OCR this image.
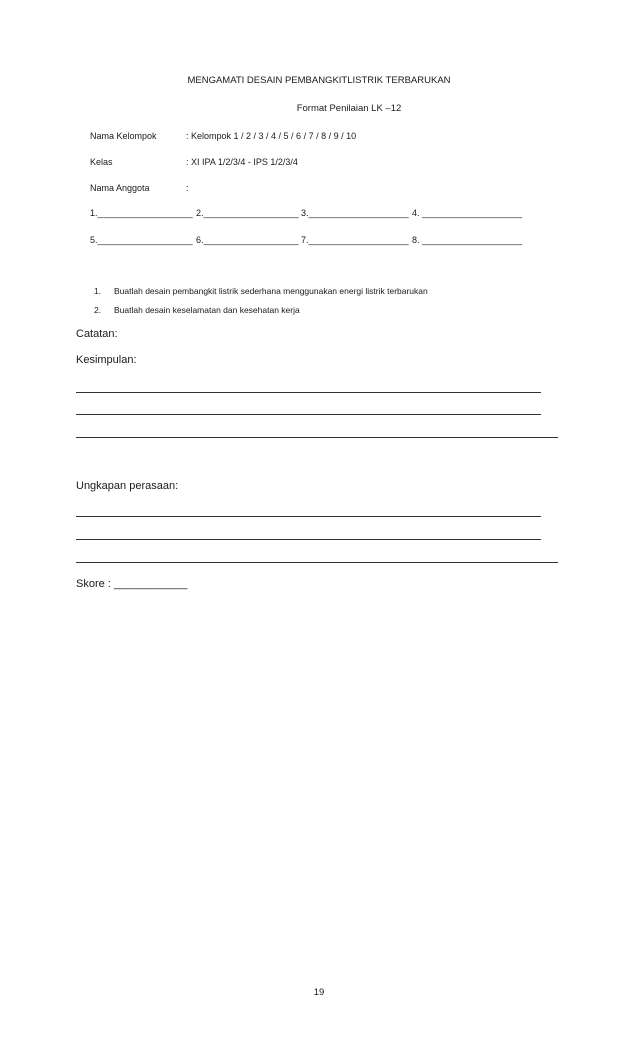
MENGAMATI DESAIN PEMBANGKITLISTRIK TERBARUKAN
Format Penilaian LK –12
Nama Kelompok	: Kelompok 1 / 2 / 3 / 4 / 5 / 6 / 7 / 8 / 9 / 10
Kelas	: XI IPA 1/2/3/4 - IPS 1/2/3/4
Nama Anggota	:
1.___________________ 2.___________________ 3.____________________ 4. ____________________
5.___________________ 6.___________________ 7.____________________ 8. ____________________
1. Buatlah desain pembangkit listrik sederhana menggunakan energi listrik terbarukan
2. Buatlah desain keselamatan dan kesehatan kerja
Catatan:
Kesimpulan:
Ungkapan perasaan:
Skore : ____________
19
